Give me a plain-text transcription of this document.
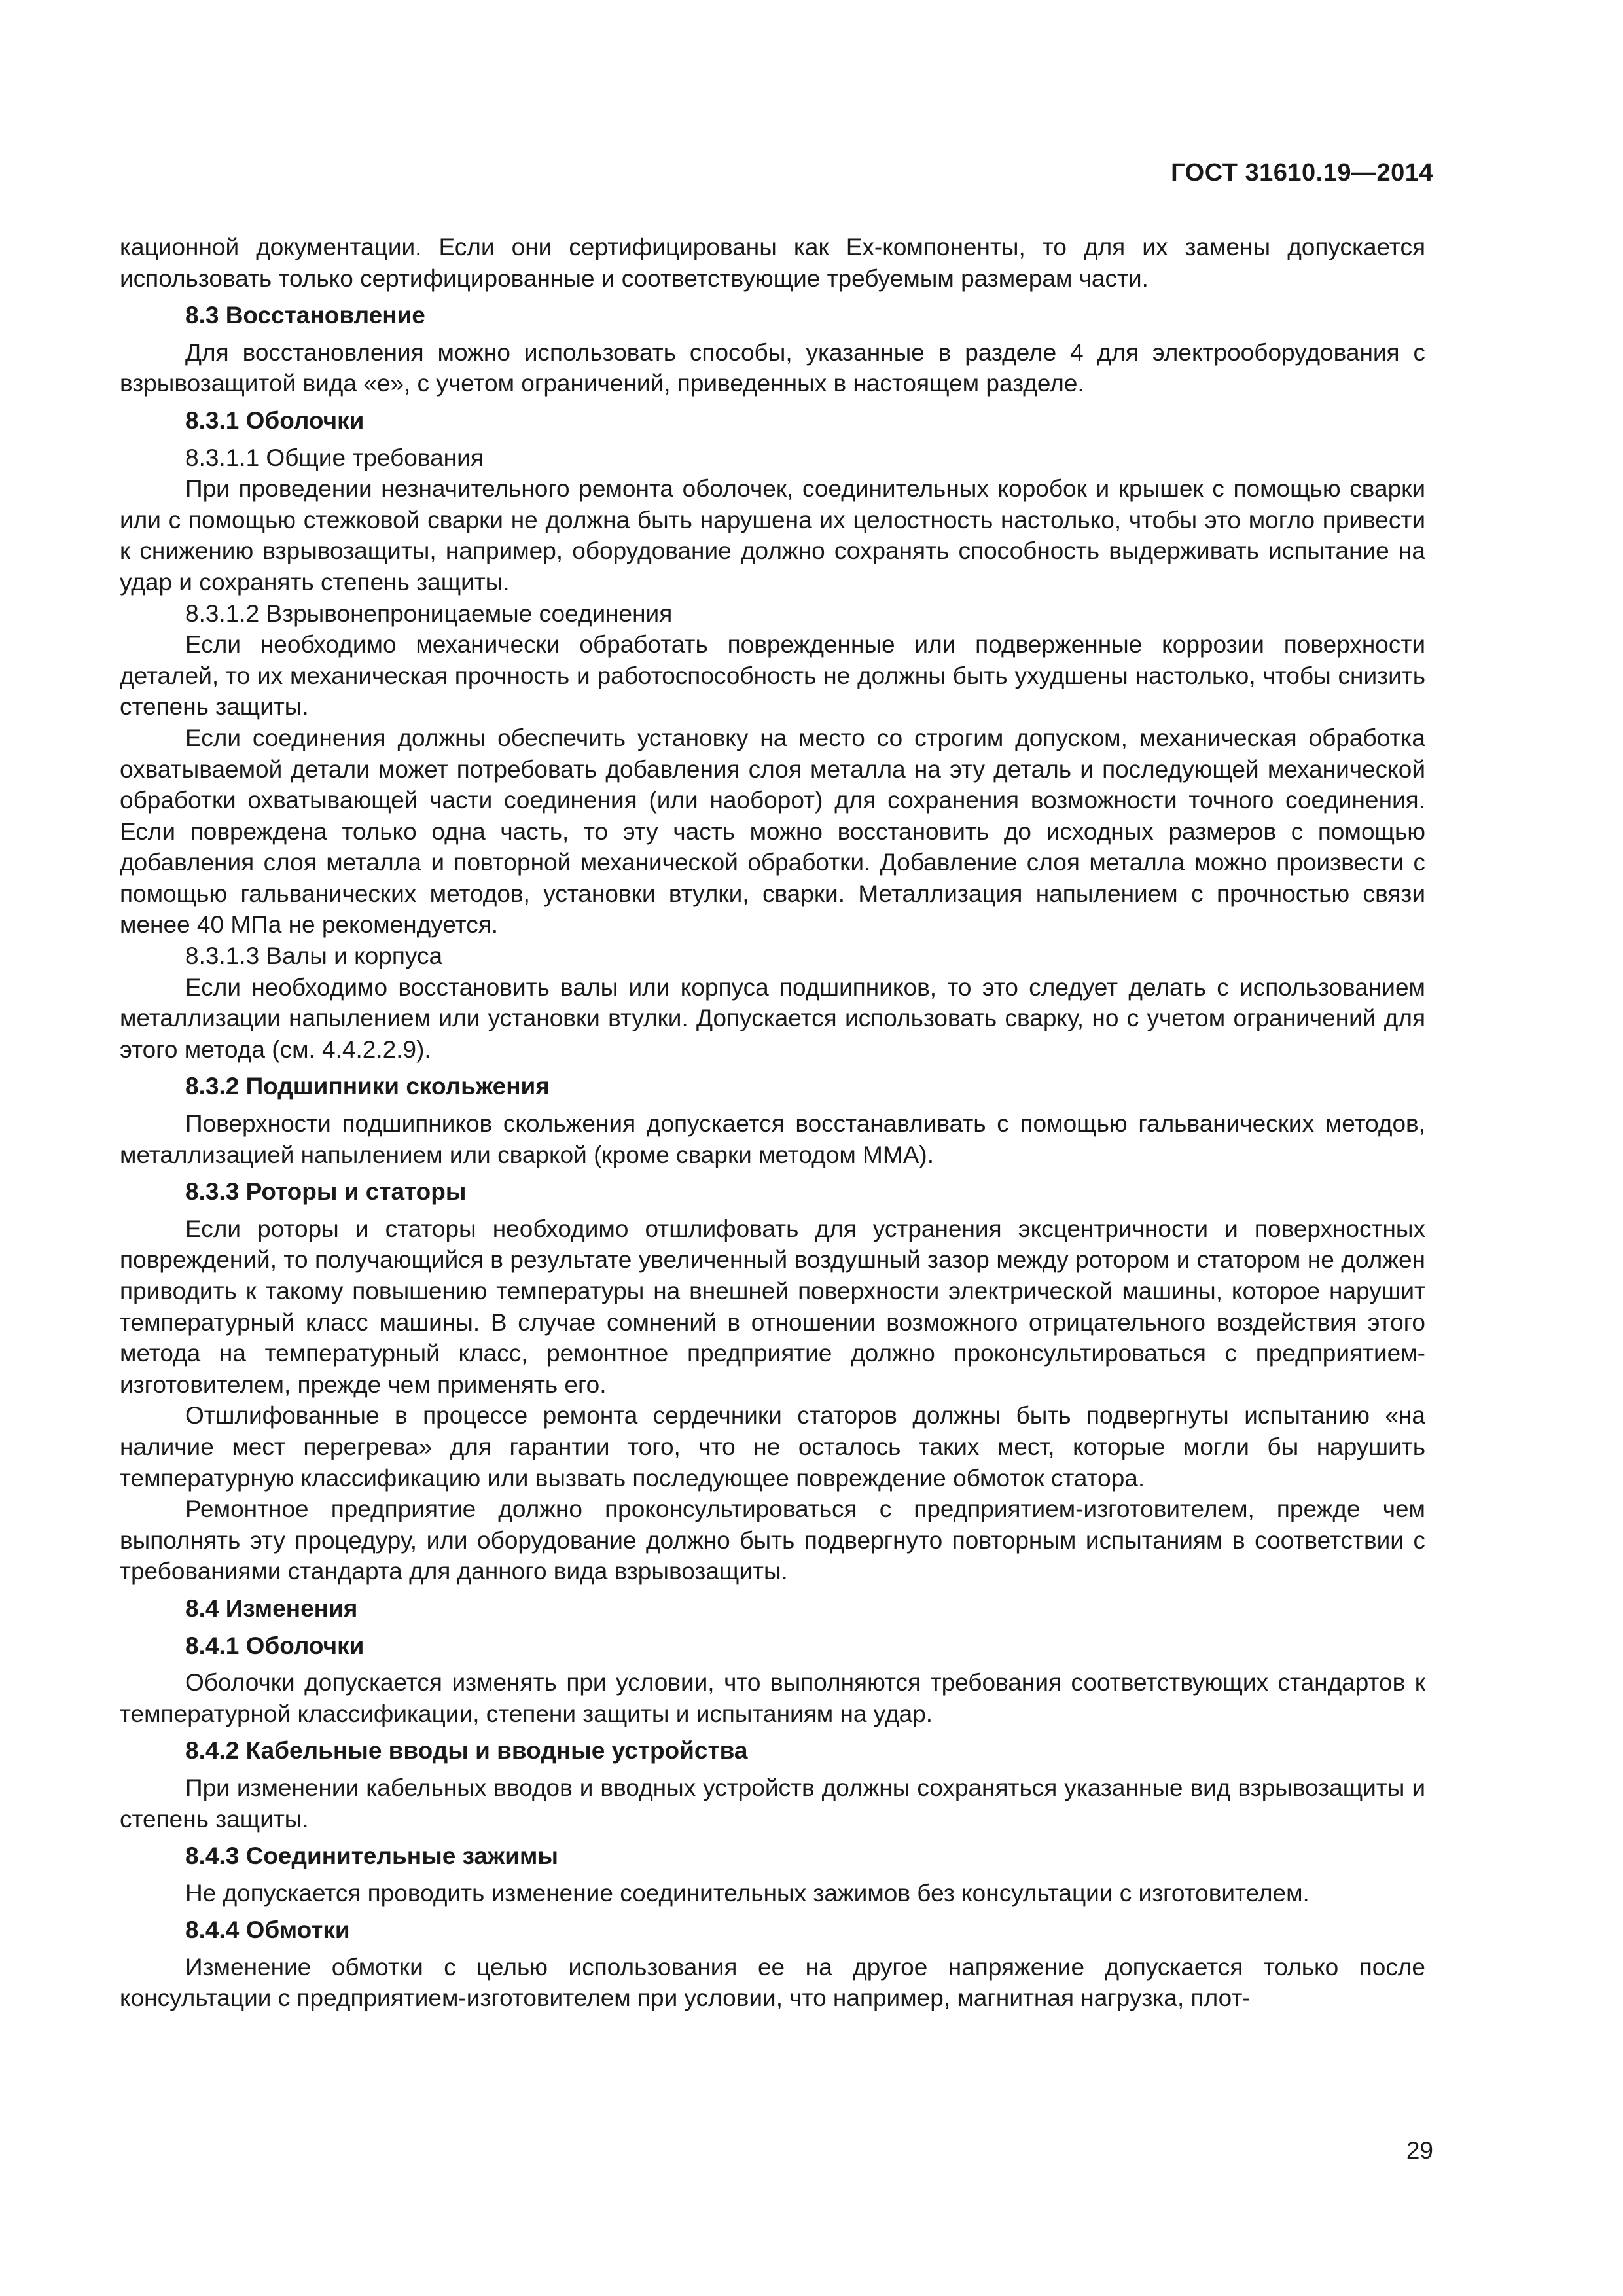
ГОСТ 31610.19—2014

кационной документации. Если они сертифицированы как Ex-компоненты, то для их замены допускается использовать только сертифицированные и соответствующие требуемым размерам части.

8.3 Восстановление

Для восстановления можно использовать способы, указанные в разделе 4 для электрооборудования с взрывозащитой вида «е», с учетом ограничений, приведенных в настоящем разделе.

8.3.1 Оболочки
8.3.1.1 Общие требования

При проведении незначительного ремонта оболочек, соединительных коробок и крышек с помощью сварки или с помощью стежковой сварки не должна быть нарушена их целостность настолько, чтобы это могло привести к снижению взрывозащиты, например, оборудование должно сохранять способность выдерживать испытание на удар и сохранять степень защиты.

8.3.1.2 Взрывонепроницаемые соединения

Если необходимо механически обработать поврежденные или подверженные коррозии поверхности деталей, то их механическая прочность и работоспособность не должны быть ухудшены настолько, чтобы снизить степень защиты.

Если соединения должны обеспечить установку на место со строгим допуском, механическая обработка охватываемой детали может потребовать добавления слоя металла на эту деталь и последующей механической обработки охватывающей части соединения (или наоборот) для сохранения возможности точного соединения. Если повреждена только одна часть, то эту часть можно восстановить до исходных размеров с помощью добавления слоя металла и повторной механической обработки. Добавление слоя металла можно произвести с помощью гальванических методов, установки втулки, сварки. Металлизация напылением с прочностью связи менее 40 МПа не рекомендуется.

8.3.1.3 Валы и корпуса

Если необходимо восстановить валы или корпуса подшипников, то это следует делать с использованием металлизации напылением или установки втулки. Допускается использовать сварку, но с учетом ограничений для этого метода (см. 4.4.2.2.9).

8.3.2 Подшипники скольжения

Поверхности подшипников скольжения допускается восстанавливать с помощью гальванических методов, металлизацией напылением или сваркой (кроме сварки методом ММА).

8.3.3 Роторы и статоры

Если роторы и статоры необходимо отшлифовать для устранения эксцентричности и поверхностных повреждений, то получающийся в результате увеличенный воздушный зазор между ротором и статором не должен приводить к такому повышению температуры на внешней поверхности электрической машины, которое нарушит температурный класс машины. В случае сомнений в отношении возможного отрицательного воздействия этого метода на температурный класс, ремонтное предприятие должно проконсультироваться с предприятием-изготовителем, прежде чем применять его.

Отшлифованные в процессе ремонта сердечники статоров должны быть подвергнуты испытанию «на наличие мест перегрева» для гарантии того, что не осталось таких мест, которые могли бы нарушить температурную классификацию или вызвать последующее повреждение обмоток статора.

Ремонтное предприятие должно проконсультироваться с предприятием-изготовителем, прежде чем выполнять эту процедуру, или оборудование должно быть подвергнуто повторным испытаниям в соответствии с требованиями стандарта для данного вида взрывозащиты.

8.4 Изменения
8.4.1 Оболочки

Оболочки допускается изменять при условии, что выполняются требования соответствующих стандартов к температурной классификации, степени защиты и испытаниям на удар.

8.4.2 Кабельные вводы и вводные устройства

При изменении кабельных вводов и вводных устройств должны сохраняться указанные вид взрывозащиты и степень защиты.

8.4.3 Соединительные зажимы

Не допускается проводить изменение соединительных зажимов без консультации с изготовителем.

8.4.4 Обмотки

Изменение обмотки с целью использования ее на другое напряжение допускается только после консультации с предприятием-изготовителем при условии, что например, магнитная нагрузка, плот-

29
